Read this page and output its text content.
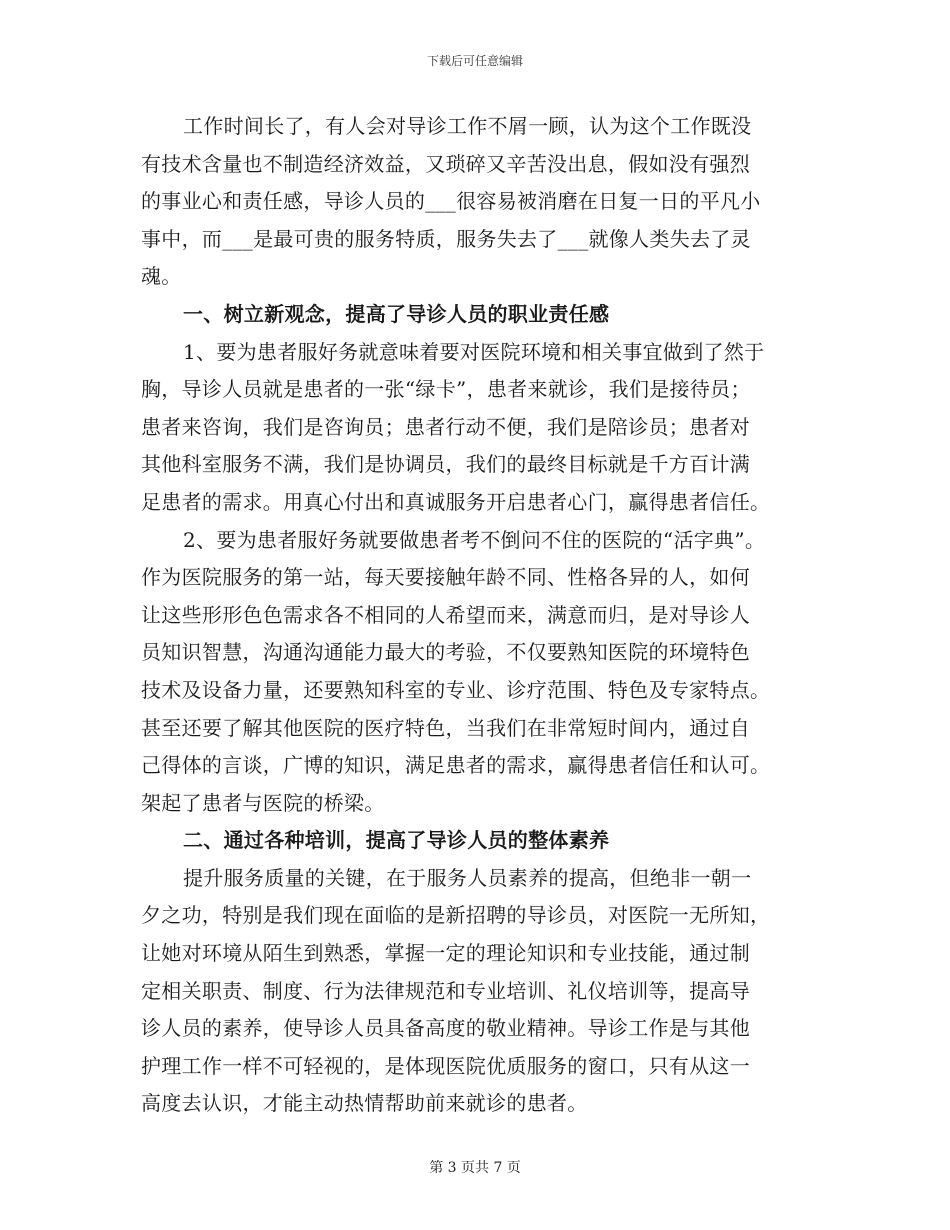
下载后可任意编辑
工作时间长了，有人会对导诊工作不屑一顾，认为这个工作既没
有技术含量也不制造经济效益，又琐碎又辛苦没出息，假如没有强烈
的事业心和责任感，导诊人员的___很容易被消磨在日复一日的平凡小
事中，而___是最可贵的服务特质，服务失去了___就像人类失去了灵
魂。
一、树立新观念，提高了导诊人员的职业责任感
1、要为患者服好务就意味着要对医院环境和相关事宜做到了然于
胸，导诊人员就是患者的一张“绿卡”，患者来就诊，我们是接待员；
患者来咨询，我们是咨询员；患者行动不便，我们是陪诊员；患者对
其他科室服务不满，我们是协调员，我们的最终目标就是千方百计满
足患者的需求。用真心付出和真诚服务开启患者心门，赢得患者信任。
2、要为患者服好务就要做患者考不倒问不住的医院的“活字典”。
作为医院服务的第一站，每天要接触年龄不同、性格各异的人，如何
让这些形形色色需求各不相同的人希望而来，满意而归，是对导诊人
员知识智慧，沟通沟通能力最大的考验，不仅要熟知医院的环境特色
技术及设备力量，还要熟知科室的专业、诊疗范围、特色及专家特点。
甚至还要了解其他医院的医疗特色，当我们在非常短时间内，通过自
己得体的言谈，广博的知识，满足患者的需求，赢得患者信任和认可。
架起了患者与医院的桥梁。
二、通过各种培训，提高了导诊人员的整体素养
提升服务质量的关键，在于服务人员素养的提高，但绝非一朝一
夕之功，特别是我们现在面临的是新招聘的导诊员，对医院一无所知，
让她对环境从陌生到熟悉，掌握一定的理论知识和专业技能，通过制
定相关职责、制度、行为法律规范和专业培训、礼仪培训等，提高导
诊人员的素养，使导诊人员具备高度的敬业精神。导诊工作是与其他
护理工作一样不可轻视的，是体现医院优质服务的窗口，只有从这一
高度去认识，才能主动热情帮助前来就诊的患者。
第 3 页共 7 页
